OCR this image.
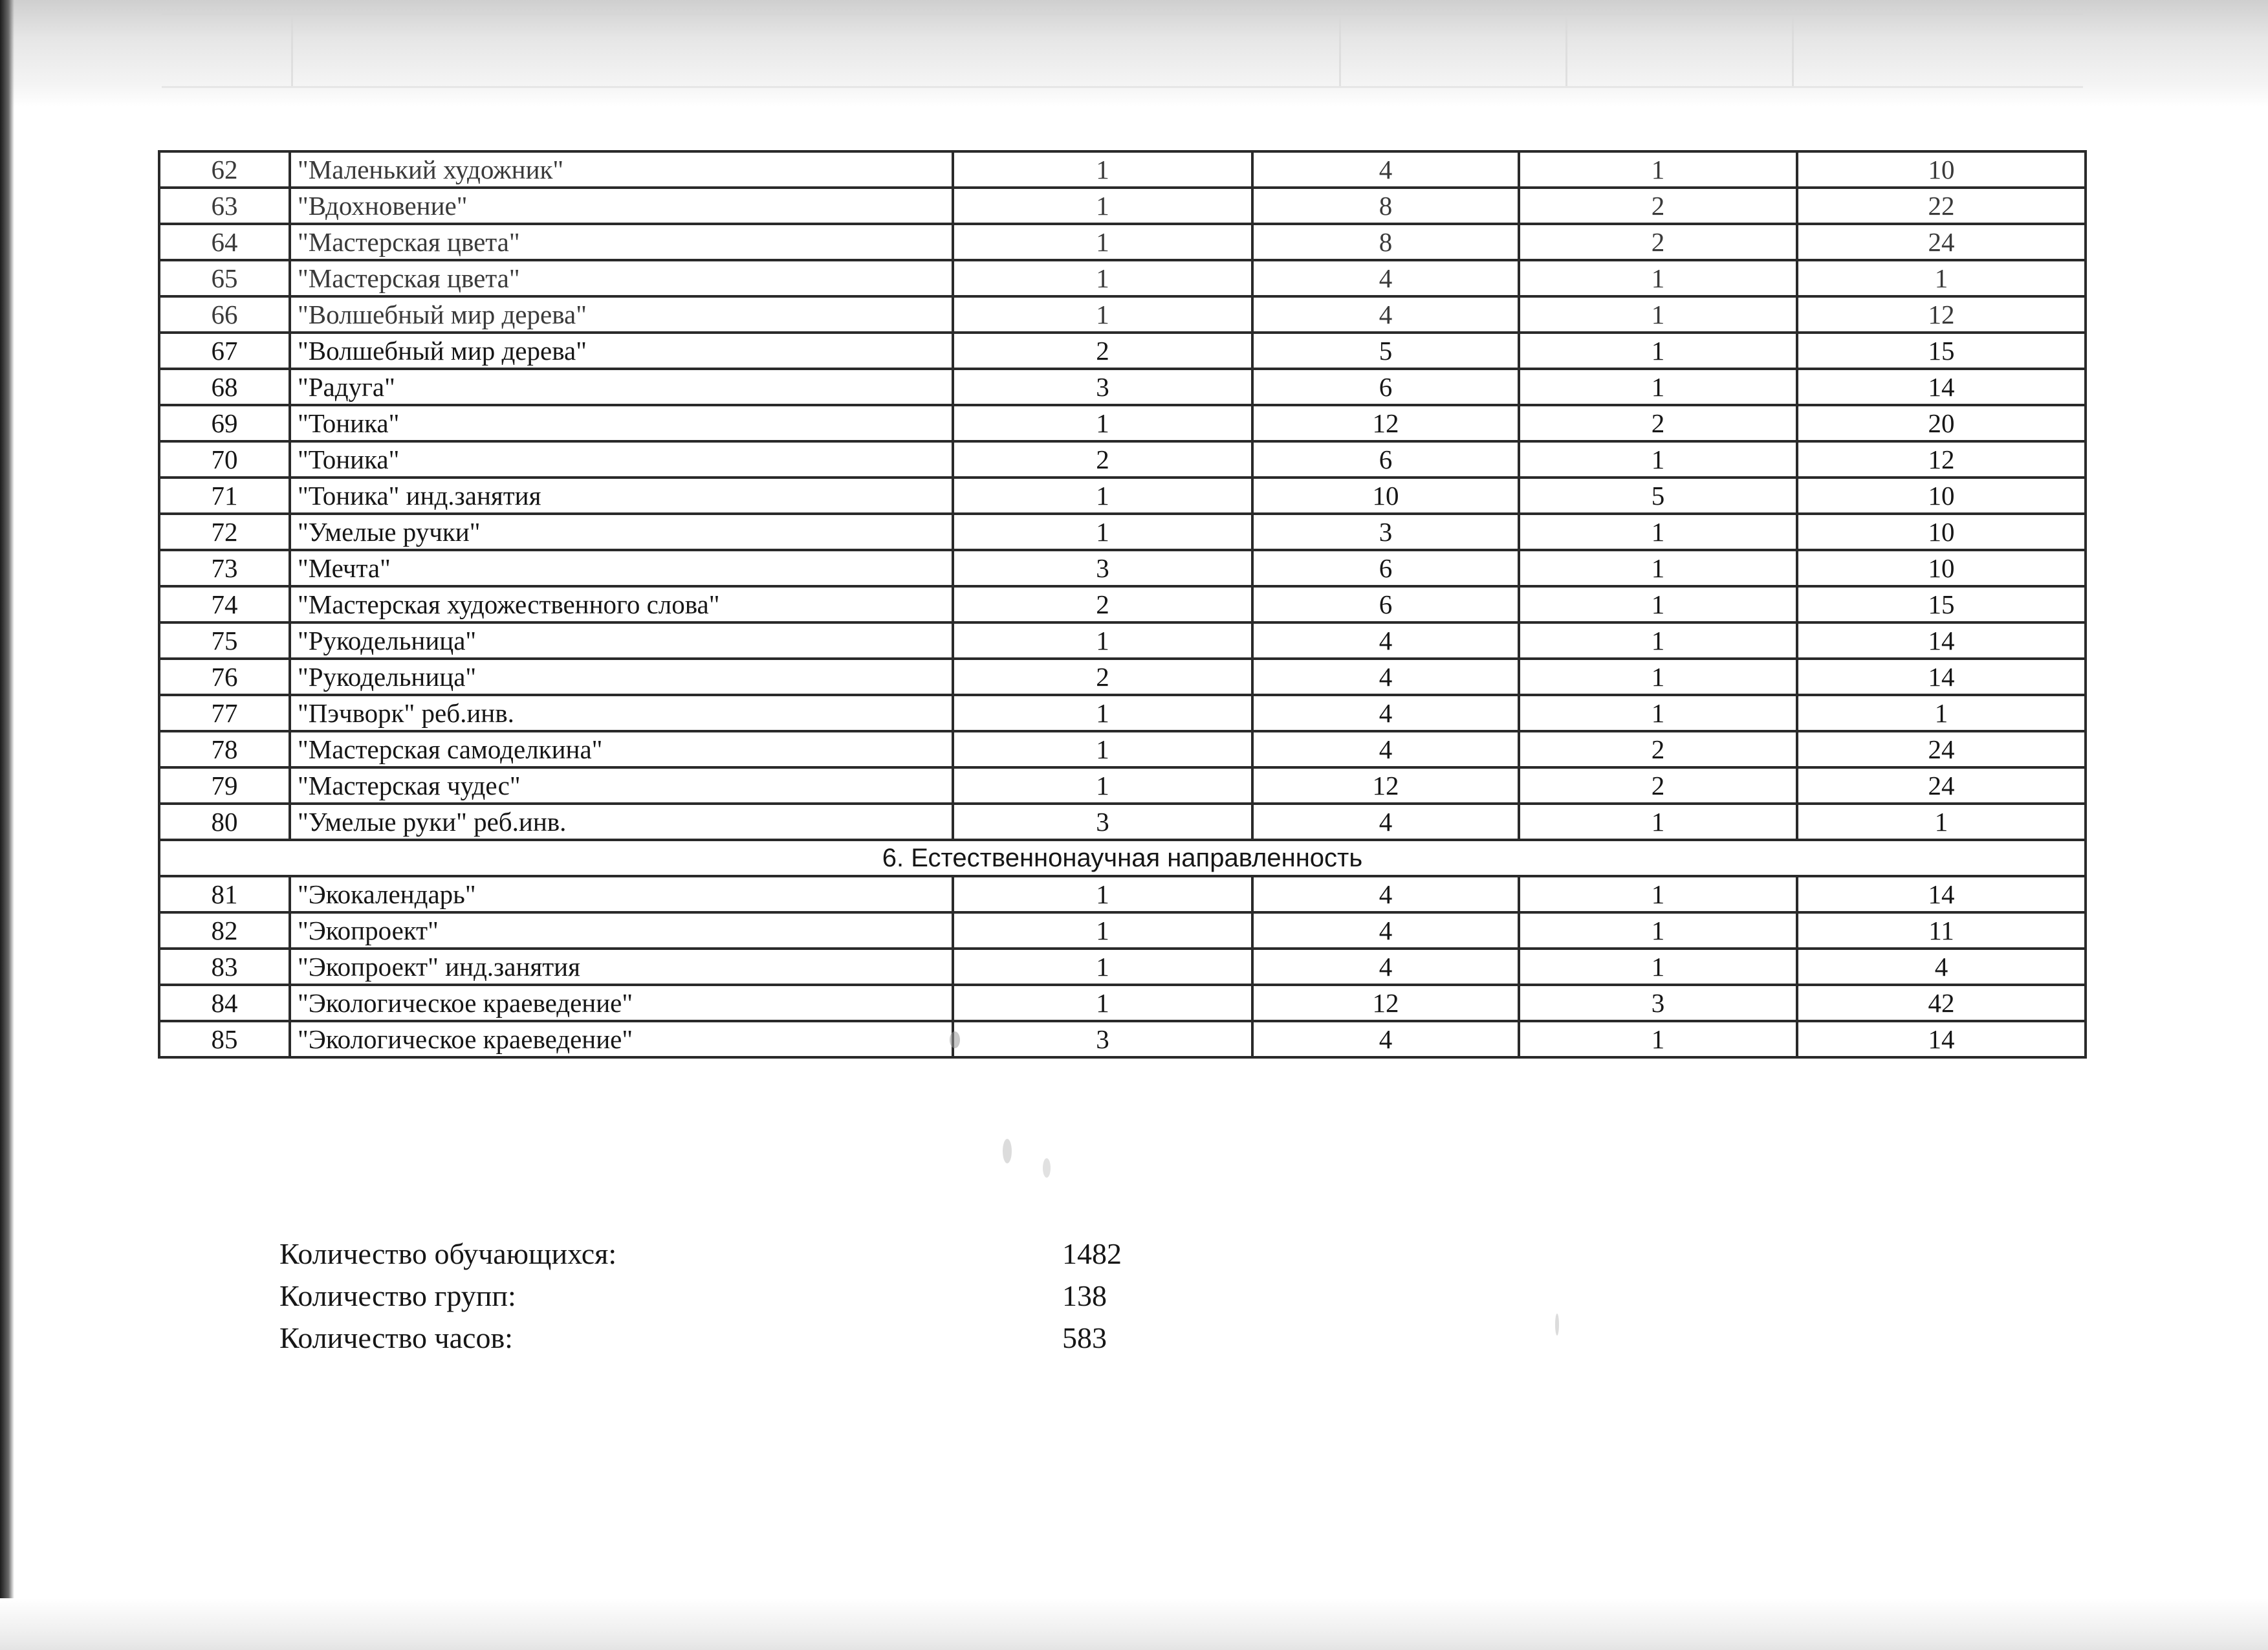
62	"Маленький художник"	1	4	1	10
63	"Вдохновение"	1	8	2	22
64	"Мастерская цвета"	1	8	2	24
65	"Мастерская цвета"	1	4	1	1
66	"Волшебный мир дерева"	1	4	1	12
67	"Волшебный мир дерева"	2	5	1	15
68	"Радуга"	3	6	1	14
69	"Тоника"	1	12	2	20
70	"Тоника"	2	6	1	12
71	"Тоника" инд.занятия	1	10	5	10
72	"Умелые ручки"	1	3	1	10
73	"Мечта"	3	6	1	10
74	"Мастерская художественного слова"	2	6	1	15
75	"Рукодельница"	1	4	1	14
76	"Рукодельница"	2	4	1	14
77	"Пэчворк" реб.инв.	1	4	1	1
78	"Мастерская самоделкина"	1	4	2	24
79	"Мастерская чудес"	1	12	2	24
80	"Умелые руки" реб.инв.	3	4	1	1
6. Естественнонаучная направленность					
81	"Экокалендарь"	1	4	1	14
82	"Экопроект"	1	4	1	11
83	"Экопроект" инд.занятия	1	4	1	4
84	"Экологическое краеведение"	1	12	3	42
85	"Экологическое краеведение"	3	4	1	14
Количество обучающихся:	1482
Количество групп:	138
Количество часов:	583
